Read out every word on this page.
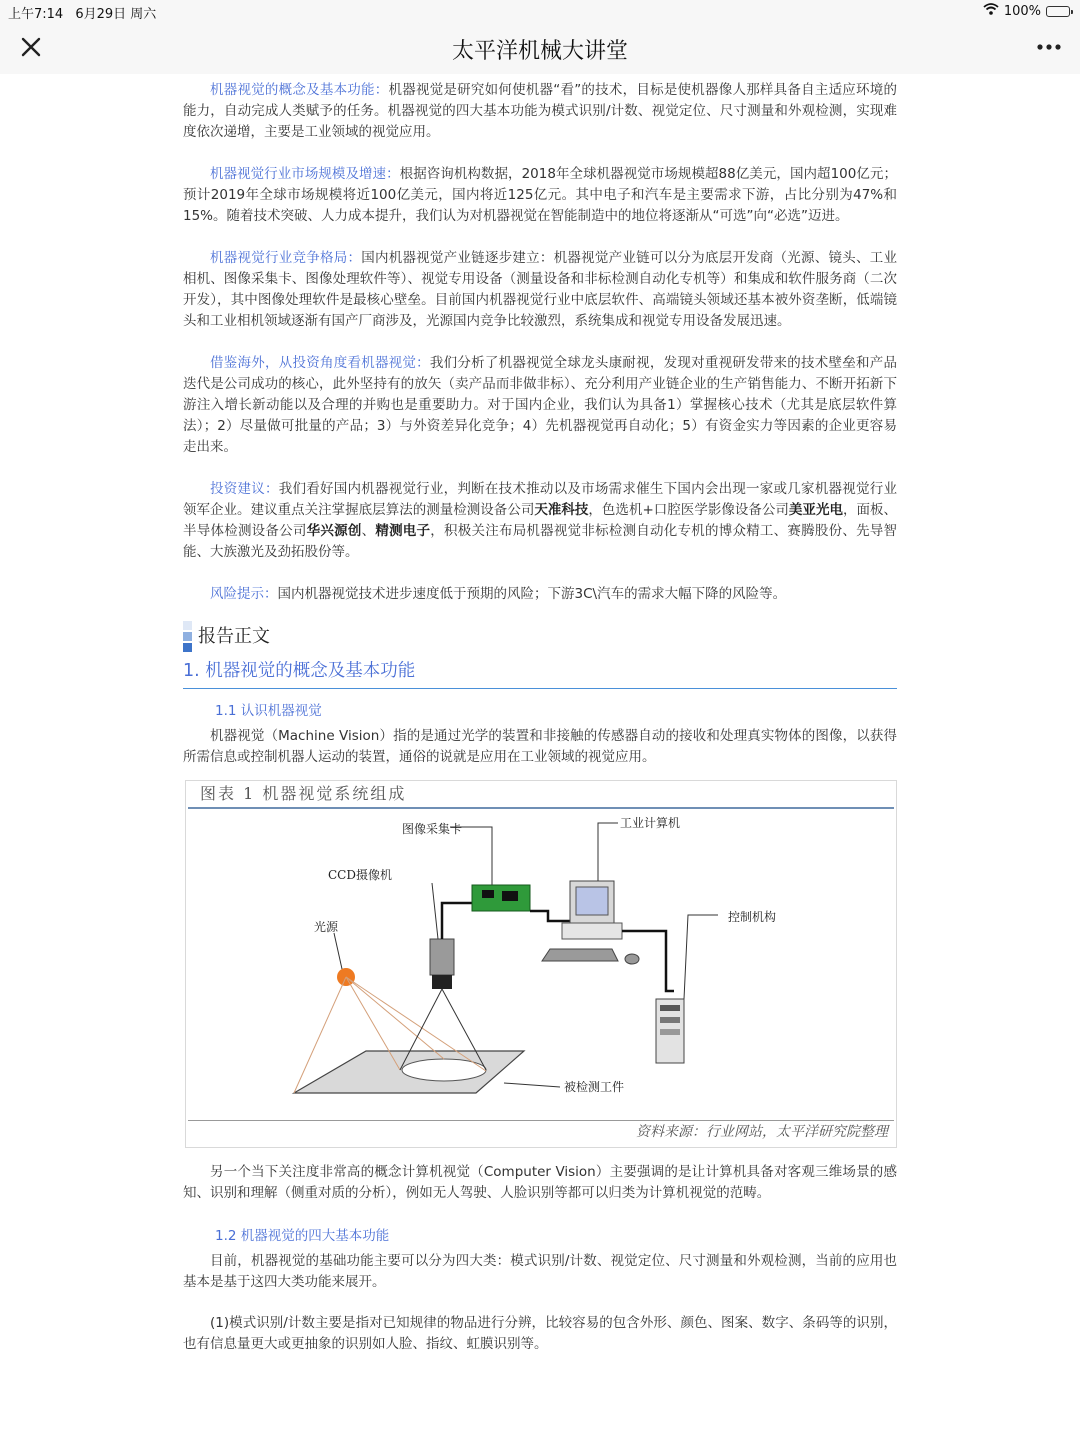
上午7:14 6月29日 周六	100%
太平洋机械大讲堂

机器视觉的概念及基本功能：机器视觉是研究如何使机器“看”的技术，目标是使机器像人那样具备自主适应环境的能力，自动完成人类赋予的任务。机器视觉的四大基本功能为模式识别/计数、视觉定位、尺寸测量和外观检测，实现难度依次递增，主要是工业领域的视觉应用。

机器视觉行业市场规模及增速：根据咨询机构数据，2018年全球机器视觉市场规模超88亿美元，国内超100亿元；预计2019年全球市场规模将近100亿美元，国内将近125亿元。其中电子和汽车是主要需求下游，占比分别为47%和15%。随着技术突破、人力成本提升，我们认为对机器视觉在智能制造中的地位将逐渐从“可选”向“必选”迈进。

机器视觉行业竞争格局：国内机器视觉产业链逐步建立：机器视觉产业链可以分为底层开发商（光源、镜头、工业相机、图像采集卡、图像处理软件等）、视觉专用设备（测量设备和非标检测自动化专机等）和集成和软件服务商（二次开发），其中图像处理软件是最核心壁垒。目前国内机器视觉行业中底层软件、高端镜头领域还基本被外资垄断，低端镜头和工业相机领域逐渐有国产厂商涉及，光源国内竞争比较激烈，系统集成和视觉专用设备发展迅速。

借鉴海外，从投资角度看机器视觉：我们分析了机器视觉全球龙头康耐视，发现对重视研发带来的技术壁垒和产品迭代是公司成功的核心，此外坚持有的放矢（卖产品而非做非标）、充分利用产业链企业的生产销售能力、不断开拓新下游注入增长新动能以及合理的并购也是重要助力。对于国内企业，我们认为具备1）掌握核心技术（尤其是底层软件算法）；2）尽量做可批量的产品；3）与外资差异化竞争；4）先机器视觉再自动化；5）有资金实力等因素的企业更容易走出来。

投资建议：我们看好国内机器视觉行业，判断在技术推动以及市场需求催生下国内会出现一家或几家机器视觉行业领军企业。建议重点关注掌握底层算法的测量检测设备公司天准科技，色选机+口腔医学影像设备公司美亚光电，面板、半导体检测设备公司华兴源创、精测电子，积极关注布局机器视觉非标检测自动化专机的博众精工、赛腾股份、先导智能、大族激光及劲拓股份等。

风险提示：国内机器视觉技术进步速度低于预期的风险；下游3C\汽车的需求大幅下降的风险等。

报告正文
1. 机器视觉的概念及基本功能
1.1 认识机器视觉

机器视觉（Machine Vision）指的是通过光学的装置和非接触的传感器自动的接收和处理真实物体的图像，以获得所需信息或控制机器人运动的装置，通俗的说就是应用在工业领域的视觉应用。

图像采集卡	工业计算机
CCD摄像机
光源
控制机构
被检测工件
图表 1 机器视觉系统组成
资料来源：行业网站，太平洋研究院整理

另一个当下关注度非常高的概念计算机视觉（Computer Vision）主要强调的是让计算机具备对客观三维场景的感知、识别和理解（侧重对质的分析），例如无人驾驶、人脸识别等都可以归类为计算机视觉的范畴。

1.2 机器视觉的四大基本功能

目前，机器视觉的基础功能主要可以分为四大类：模式识别/计数、视觉定位、尺寸测量和外观检测，当前的应用也基本是基于这四大类功能来展开。

(1)模式识别/计数主要是指对已知规律的物品进行分辨，比较容易的包含外形、颜色、图案、数字、条码等的识别，也有信息量更大或更抽象的识别如人脸、指纹、虹膜识别等。
